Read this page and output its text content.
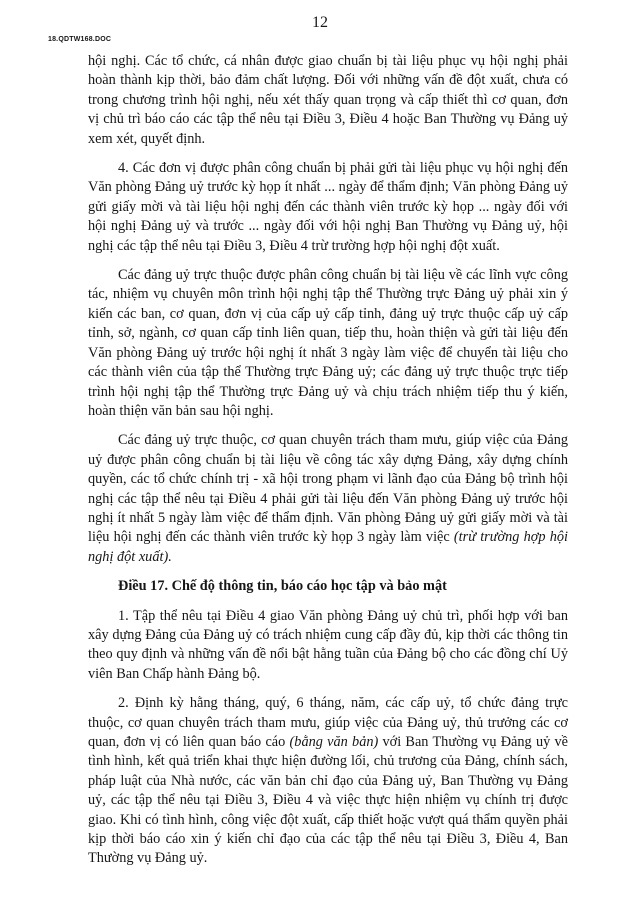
18.QDTW168.DOC
12

hội nghị. Các tổ chức, cá nhân được giao chuẩn bị tài liệu phục vụ hội nghị phải hoàn thành kịp thời, bảo đảm chất lượng. Đối với những vấn đề đột xuất, chưa có trong chương trình hội nghị, nếu xét thấy quan trọng và cấp thiết thì cơ quan, đơn vị chủ trì báo cáo các tập thể nêu tại Điều 3, Điều 4 hoặc Ban Thường vụ Đảng uỷ xem xét, quyết định.

4. Các đơn vị được phân công chuẩn bị phải gửi tài liệu phục vụ hội nghị đến Văn phòng Đảng uỷ trước kỳ họp ít nhất ... ngày để thẩm định; Văn phòng Đảng uỷ gửi giấy mời và tài liệu hội nghị đến các thành viên trước kỳ họp ... ngày đối với hội nghị Đảng uỷ và trước ... ngày đối với hội nghị Ban Thường vụ Đảng uỷ, hội nghị các tập thể nêu tại Điều 3, Điều 4 trừ trường hợp hội nghị đột xuất.

Các đảng uỷ trực thuộc được phân công chuẩn bị tài liệu về các lĩnh vực công tác, nhiệm vụ chuyên môn trình hội nghị tập thể Thường trực Đảng uỷ phải xin ý kiến các ban, cơ quan, đơn vị của cấp uỷ cấp tỉnh, đảng uỷ trực thuộc cấp uỷ cấp tỉnh, sở, ngành, cơ quan cấp tỉnh liên quan, tiếp thu, hoàn thiện và gửi tài liệu đến Văn phòng Đảng uỷ trước hội nghị ít nhất 3 ngày làm việc để chuyển tài liệu cho các thành viên của tập thể Thường trực Đảng uỷ; các đảng uỷ trực thuộc trực tiếp trình hội nghị tập thể Thường trực Đảng uỷ và chịu trách nhiệm tiếp thu ý kiến, hoàn thiện văn bản sau hội nghị.

Các đảng uỷ trực thuộc, cơ quan chuyên trách tham mưu, giúp việc của Đảng uỷ được phân công chuẩn bị tài liệu về công tác xây dựng Đảng, xây dựng chính quyền, các tổ chức chính trị - xã hội trong phạm vi lãnh đạo của Đảng bộ trình hội nghị các tập thể nêu tại Điều 4 phải gửi tài liệu đến Văn phòng Đảng uỷ trước hội nghị ít nhất 5 ngày làm việc để thẩm định. Văn phòng Đảng uỷ gửi giấy mời và tài liệu hội nghị đến các thành viên trước kỳ họp 3 ngày làm việc (trừ trường hợp hội nghị đột xuất).

Điều 17. Chế độ thông tin, báo cáo học tập và bảo mật

1. Tập thể nêu tại Điều 4 giao Văn phòng Đảng uỷ chủ trì, phối hợp với ban xây dựng Đảng của Đảng uỷ có trách nhiệm cung cấp đầy đủ, kịp thời các thông tin theo quy định và những vấn đề nổi bật hằng tuần của Đảng bộ cho các đồng chí Uỷ viên Ban Chấp hành Đảng bộ.

2. Định kỳ hằng tháng, quý, 6 tháng, năm, các cấp uỷ, tổ chức đảng trực thuộc, cơ quan chuyên trách tham mưu, giúp việc của Đảng uỷ, thủ trưởng các cơ quan, đơn vị có liên quan báo cáo (bằng văn bản) với Ban Thường vụ Đảng uỷ về tình hình, kết quả triển khai thực hiện đường lối, chủ trương của Đảng, chính sách, pháp luật của Nhà nước, các văn bản chỉ đạo của Đảng uỷ, Ban Thường vụ Đảng uỷ, các tập thể nêu tại Điều 3, Điều 4 và việc thực hiện nhiệm vụ chính trị được giao. Khi có tình hình, công việc đột xuất, cấp thiết hoặc vượt quá thẩm quyền phải kịp thời báo cáo xin ý kiến chỉ đạo của các tập thể nêu tại Điều 3, Điều 4, Ban Thường vụ Đảng uỷ.
